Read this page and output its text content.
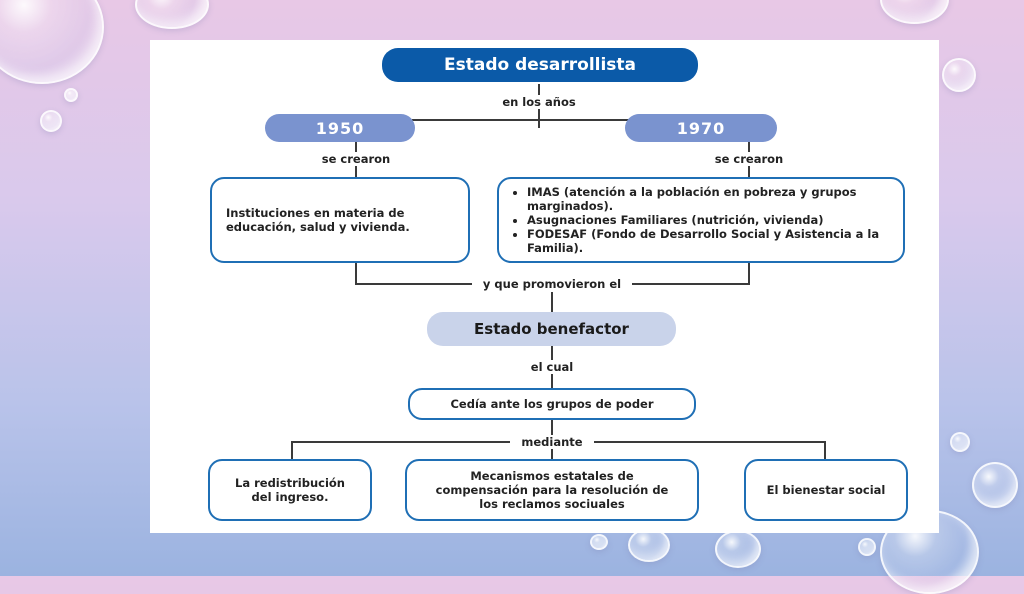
Estado desarrollista
en los años
1950	1970
se crearon	se crearon
Instituciones en materia de educación, salud y vivienda.
• IMAS (atención a la población en pobreza y grupos marginados).
• Asugnaciones Familiares (nutrición, vivienda)
• FODESAF (Fondo de Desarrollo Social y Asistencia a la Familia).
y que promovieron el
Estado benefactor
el cual
Cedía ante los grupos de poder
mediante
La redistribución del ingreso.
Mecanismos estatales de compensación para la resolución de los reclamos sociuales
El bienestar social
